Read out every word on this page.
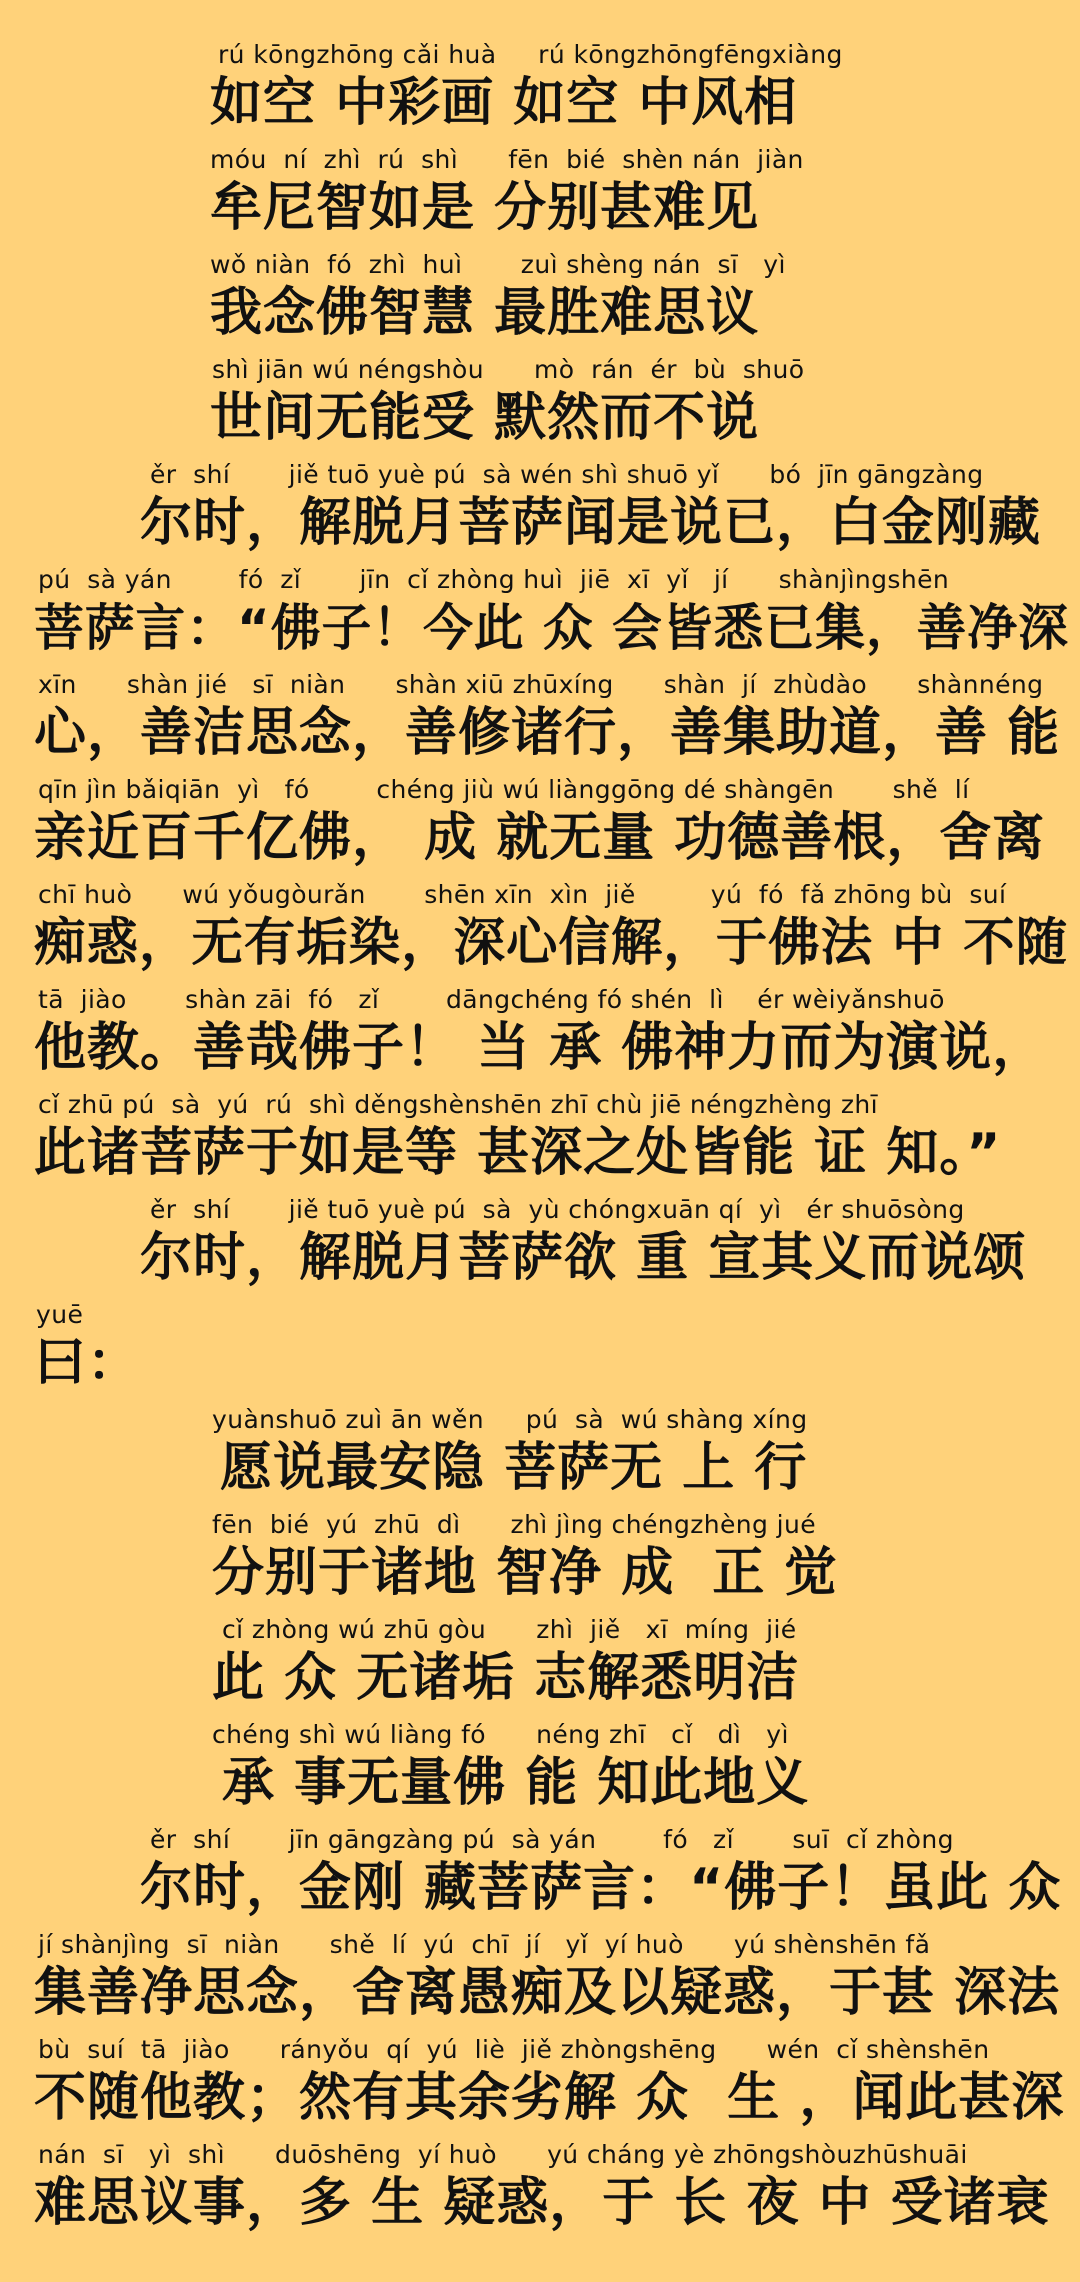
rú kōngzhōng cǎi huà     rú kōngzhōngfēngxiàng
如空 中彩画 如空 中风相
móu  ní  zhì  rú  shì      fēn  bié  shèn nán  jiàn
牟尼智如是 分别甚难见
wǒ niàn  fó  zhì  huì       zuì shèng nán  sī   yì
我念佛智慧 最胜难思议
shì jiān wú néngshòu      mò  rán  ér  bù  shuō
世间无能受 默然而不说
ěr  shí       jiě tuō yuè pú  sà wén shì shuō yǐ      bó  jīn gāngzàng
尔时，解脱月菩萨闻是说已，白金刚藏
pú  sà yán        fó  zǐ       jīn  cǐ zhòng huì  jiē  xī  yǐ   jí      shànjìngshēn
菩萨言：“佛子！今此 众 会皆悉已集，善净深
xīn      shàn jié   sī  niàn      shàn xiū zhūxíng      shàn  jí  zhùdào      shànnéng
心，善洁思念，善修诸行，善集助道，善 能
qīn jìn bǎiqiān  yì   fó        chéng jiù wú liànggōng dé shàngēn       shě  lí
亲近百千亿佛， 成 就无量 功德善根，舍离
chī huò      wú yǒugòurǎn       shēn xīn  xìn  jiě         yú  fó  fǎ zhōng bù  suí
痴惑，无有垢染，深心信解，于佛法 中 不随
tā  jiào       shàn zāi  fó   zǐ        dāngchéng fó shén  lì    ér wèiyǎnshuō
他教。善哉佛子！ 当 承 佛神力而为演说，
cǐ zhū pú  sà  yú  rú  shì děngshènshēn zhī chù jiē néngzhèng zhī
此诸菩萨于如是等 甚深之处皆能 证 知。”
ěr  shí       jiě tuō yuè pú  sà  yù chóngxuān qí  yì   ér shuōsòng
尔时，解脱月菩萨欲 重 宣其义而说颂
yuē
曰：
yuànshuō zuì ān wěn     pú  sà  wú shàng xíng
愿说最安隐 菩萨无 上 行
fēn  bié  yú  zhū  dì      zhì jìng chéngzhèng jué
分别于诸地 智净 成  正 觉
cǐ zhòng wú zhū gòu      zhì  jiě   xī  míng  jié
此 众 无诸垢 志解悉明洁
chéng shì wú liàng fó      néng zhī   cǐ   dì   yì
承 事无量佛 能 知此地义
ěr  shí       jīn gāngzàng pú  sà yán        fó   zǐ       suī  cǐ zhòng
尔时，金刚 藏菩萨言：“佛子！虽此 众
jí shànjìng  sī  niàn      shě  lí  yú  chī  jí   yǐ  yí huò      yú shènshēn fǎ
集善净思念，舍离愚痴及以疑惑，于甚 深法
bù  suí  tā  jiào      rányǒu  qí  yú  liè  jiě zhòngshēng      wén  cǐ shènshēn
不随他教；然有其余劣解 众  生 ，闻此甚深
nán  sī   yì  shì      duōshēng  yí huò      yú cháng yè zhōngshòuzhūshuāi
难思议事，多 生 疑惑，于 长 夜 中 受诸衰
